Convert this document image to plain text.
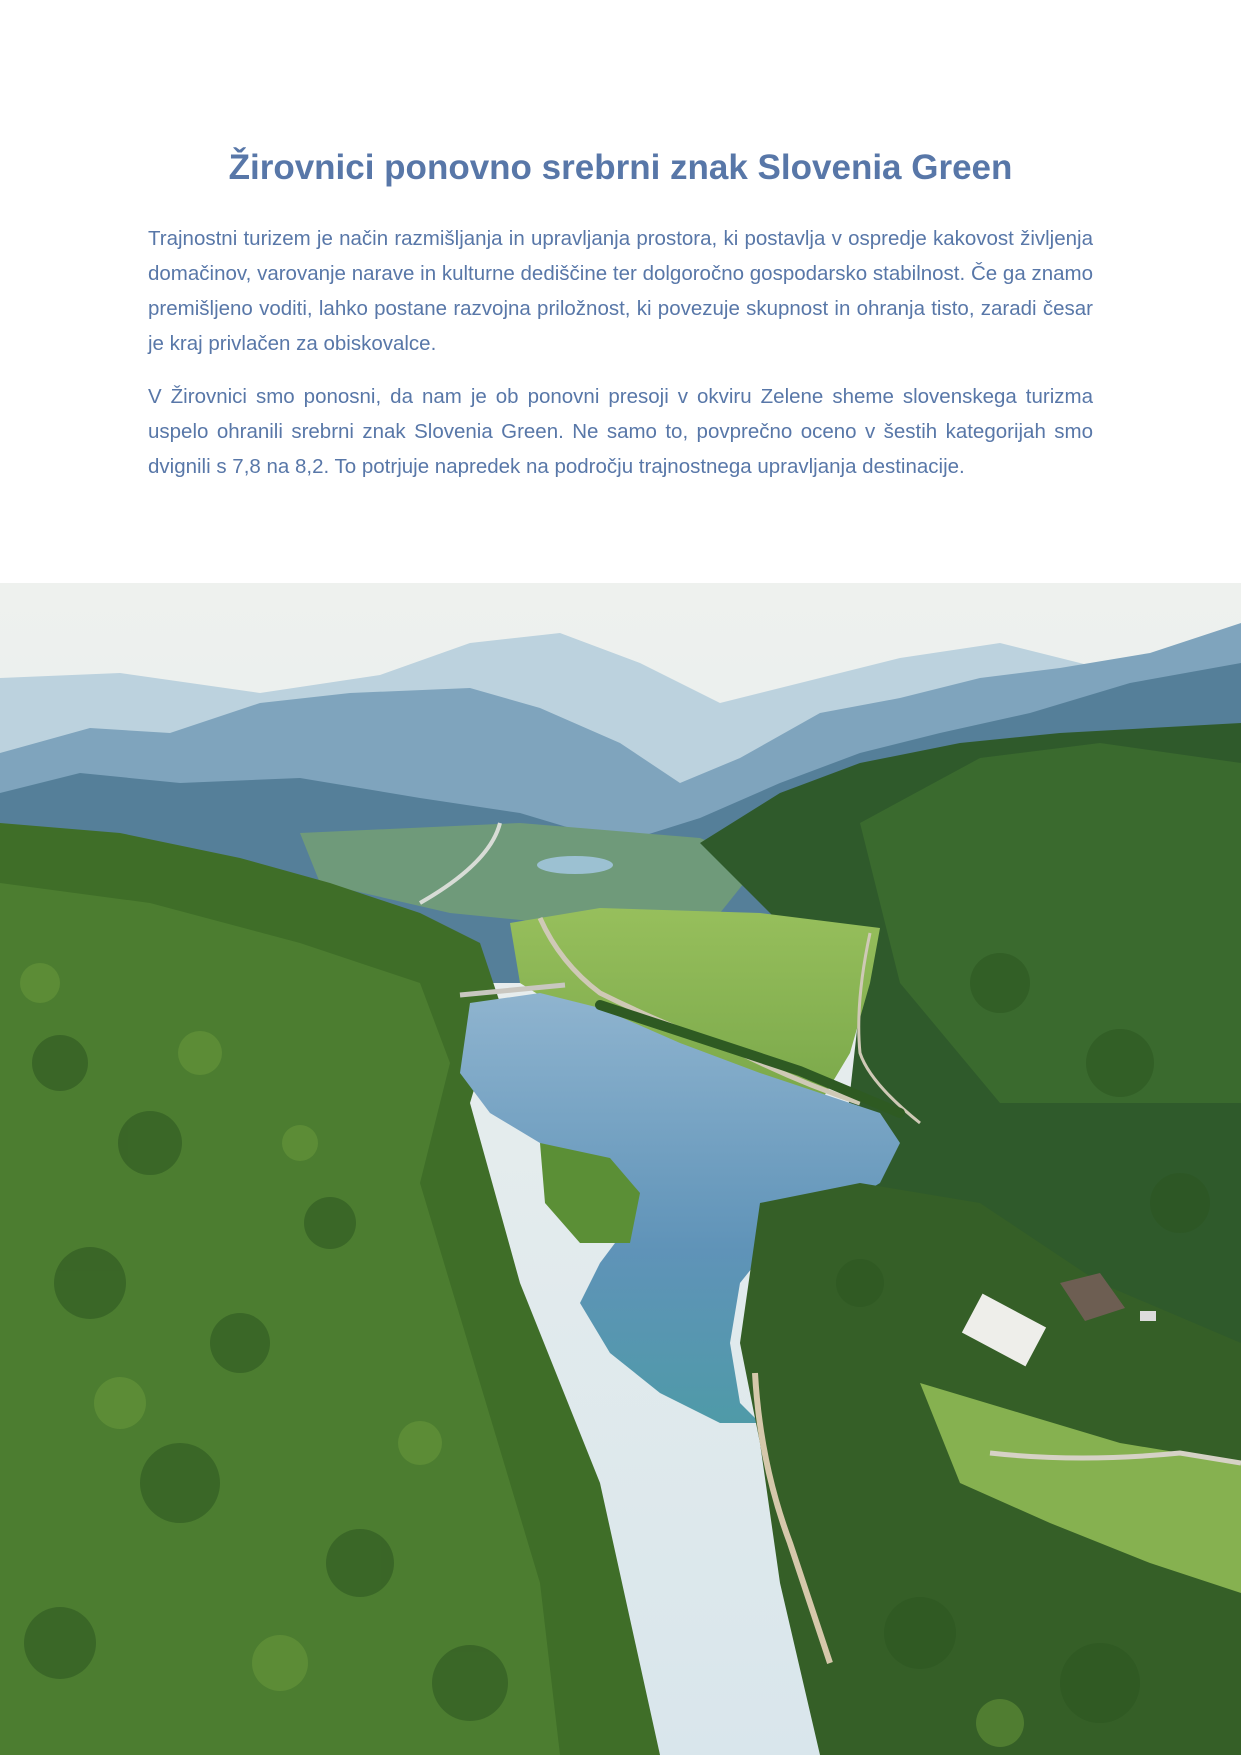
Žirovnici ponovno srebrni znak Slovenia Green

Trajnostni turizem je način razmišljanja in upravljanja prostora, ki postavlja v ospredje kakovost življenja domačinov, varovanje narave in kulturne dediščine ter dolgoročno gospodarsko stabilnost. Če ga znamo premišljeno voditi, lahko postane razvojna priložnost, ki povezuje skupnost in ohranja tisto, zaradi česar je kraj privlačen za obiskovalce.

V Žirovnici smo ponosni, da nam je ob ponovni presoji v okviru Zelene sheme slovenskega turizma uspelo ohranili srebrni znak Slovenia Green. Ne samo to, povprečno oceno v šestih kategorijah smo dvignili s 7,8 na 8,2. To potrjuje napredek na področju trajnostnega upravljanja destinacije.
